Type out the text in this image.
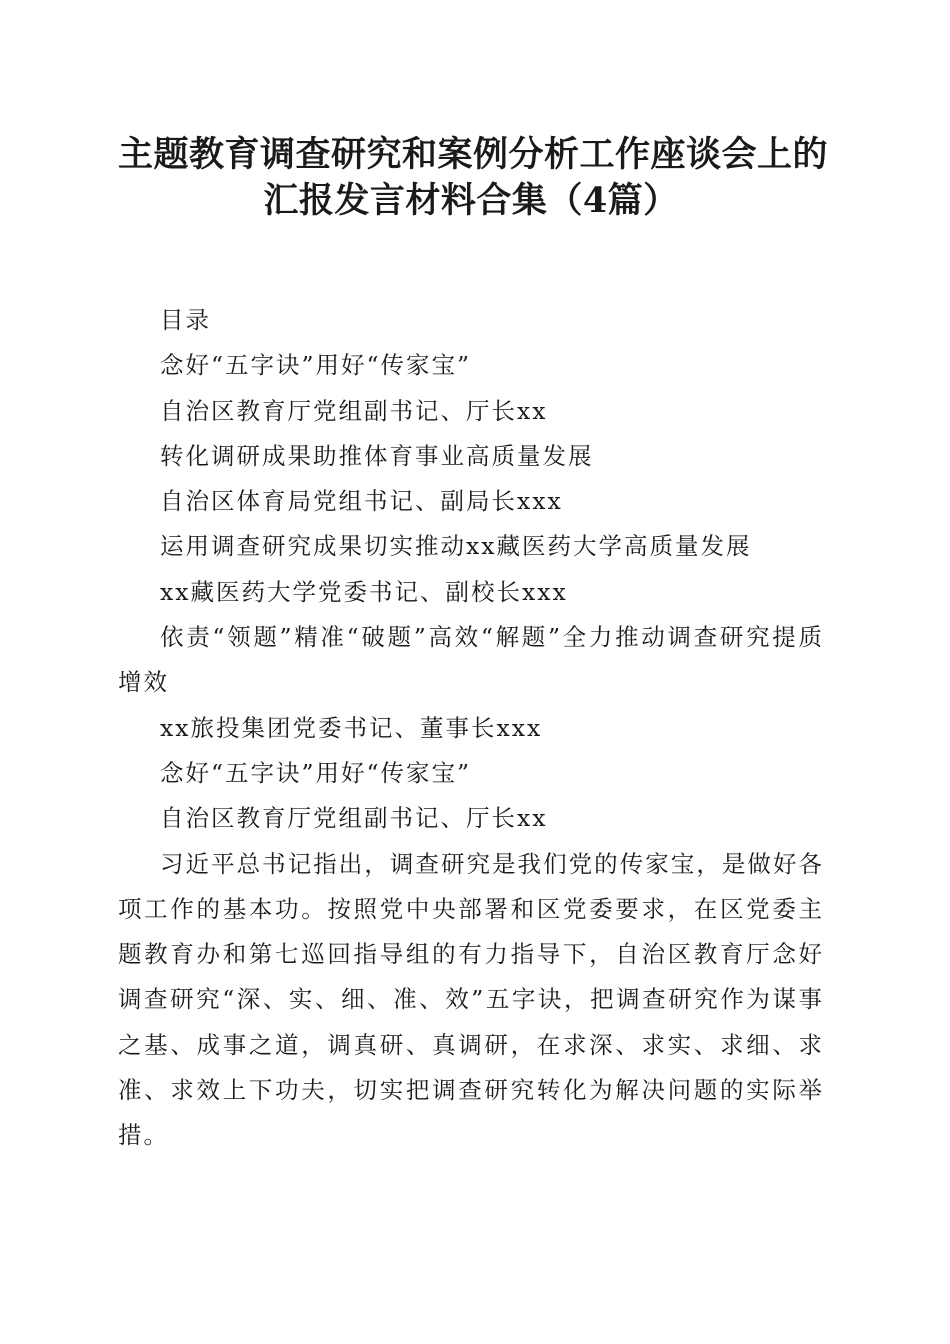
主题教育调查研究和案例分析工作座谈会上的
汇报发言材料合集（4篇）

目录

念好“五字诀”用好“传家宝”

自治区教育厅党组副书记、厅长xx

转化调研成果助推体育事业高质量发展

自治区体育局党组书记、副局长xxx

运用调查研究成果切实推动xx藏医药大学高质量发展

xx藏医药大学党委书记、副校长xxx

依责“领题”精准“破题”高效“解题”全力推动调查研究提质增效

xx旅投集团党委书记、董事长xxx

念好“五字诀”用好“传家宝”

自治区教育厅党组副书记、厅长xx

习近平总书记指出，调查研究是我们党的传家宝，是做好各项工作的基本功。按照党中央部署和区党委要求，在区党委主题教育办和第七巡回指导组的有力指导下，自治区教育厅念好调查研究“深、实、细、准、效”五字诀，把调查研究作为谋事之基、成事之道，调真研、真调研，在求深、求实、求细、求准、求效上下功夫，切实把调查研究转化为解决问题的实际举措。
